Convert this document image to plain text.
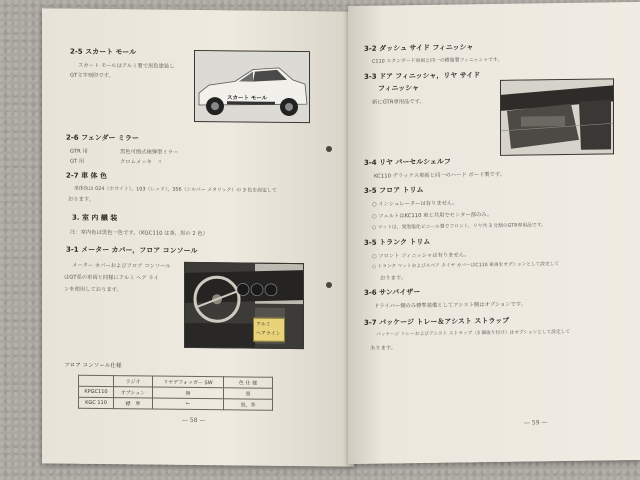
2-5 スカート モール
スカート モールはアルミ製で黒色塗装し
GT文字刻印です。
スカート モール
2-6 フェンダー ミラー
GTR 用	黒色可倒式砲弾型ミラー
GT 用	クロムメッキ　〃
2-7 車 体 色
単体色は 024（ホワイト），103（レッド），356（シルバー メタリック）の 3 色を設定して
おります。
3. 室 内 艤 装
注：室内色は黒色一色です。（KGC110 は茶，黒の 2 色）
3-1 メーター カバー，フロア コンソール
メーター カバーおよびフロア コンソール
はGT系の車両と同様にアルミ ヘア ライ
ンを使用しております。
アルミ
ヘアライン
フロア コンソール仕様
	ラジオ	リヤデフォッガー SW	色 仕 様
KPGC110	オプション	無	黒
KGC 110	標　準	←	黒，茶
— 58 —
3-2 ダッシュ サイド フィニッシャ
C110 スタンダード車両と同一の樹脂製フィニッシャです。
3-3 ドア フィニッシャ，リヤ サイド
フィニッシャ
新にGTR専用品です。
3-4 リヤ パーセルシェルフ
KC110 デラックス車両と同一のハード ボード製です。
3-5 フロア トリム
○ インシュレーターは有りません。
○ フェルトはKC110 車と共用でセンター部のみ。
○ マットは，発泡塩化ビニール製でフロント，リヤ共 3 分割のGTR専用品です。
3-5 トランク トリム
○ フロント フィニッシャは有りません。
○ トランク マットおよびスペア タイヤ カバーはC110 車両をオプションとして設定して
おります。
3-6 サンバイザー
ドライバー側のみ標準装備としてアシスト側はオプションです。
3-7 パッケージ トレー＆アシスト ストラップ
パッケージ トレーおよびアシスト ストラップ（3 個取り付け）はオプションとして設定して
あります。
— 59 —
